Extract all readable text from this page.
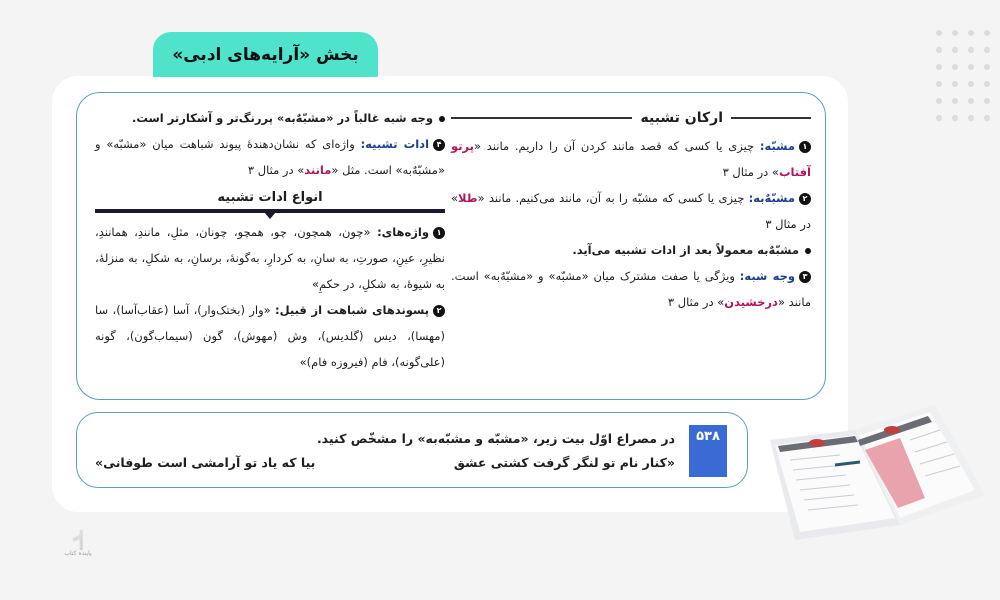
بخش «آرایه‌های ادبی»
ارکان تشبیه
۱مشبّه: چیزی یا کسی که قصد مانند کردن آن را داریم. مانند «پرتو آفتاب» در مثال ۳
۲مشبّهٌ‌به: چیزی یا کسی که مشبّه را به آن، مانند می‌کنیم. مانند «طلا» در مثال ۳
مشبّهٌ‌به معمولاً بعد از ادات تشبیه می‌آید.
۳وجه شبه: ویژگی یا صفت مشترک میان «مشبّه» و «مشبّهٌ‌به» است. مانند «درخشیدن» در مثال ۳
وجه شبه غالباً در «مشبّهٌ‌به» پررنگ‌تر و آشکارتر است.
۴ادات تشبیه: واژه‌ای که نشان‌دهندهٔ پیوند شباهت میان «مشبّه» و «مشبّهٌ‌به» است. مثل «مانند» در مثال ۳
انواع ادات تشبیه
۱واژه‌های: «چون، همچون، چو، همچو، چونان، مثلِ، مانندِ، همانندِ، نظیرِ، عینِ، صورتِ، به سانِ، به کردارِ، به‌گونهٔ، برسانِ، به شکلِ، به منزلهٔ، به شیوهٔ، به شکلِ، در حکمِ»
۲پسوندهای شباهت از قبیل: «وار (بختک‌وار)، آسا (عقاب‌آسا)، سا (مهسا)، دیس (گلدیس)، وش (مهوش)، گون (سیماب‌گون)، گونه (علی‌گونه)، فام (فیروزه فام)»
۵۳۸
در مصراع اوّل بیت زیر، «مشبّه و مشبّه‌به» را مشخّص کنید.
«کنار نام تو لنگر گرفت کشتی عشق
بیا که یاد تو آرامشی است طوفانی»
پاینده کتاب
